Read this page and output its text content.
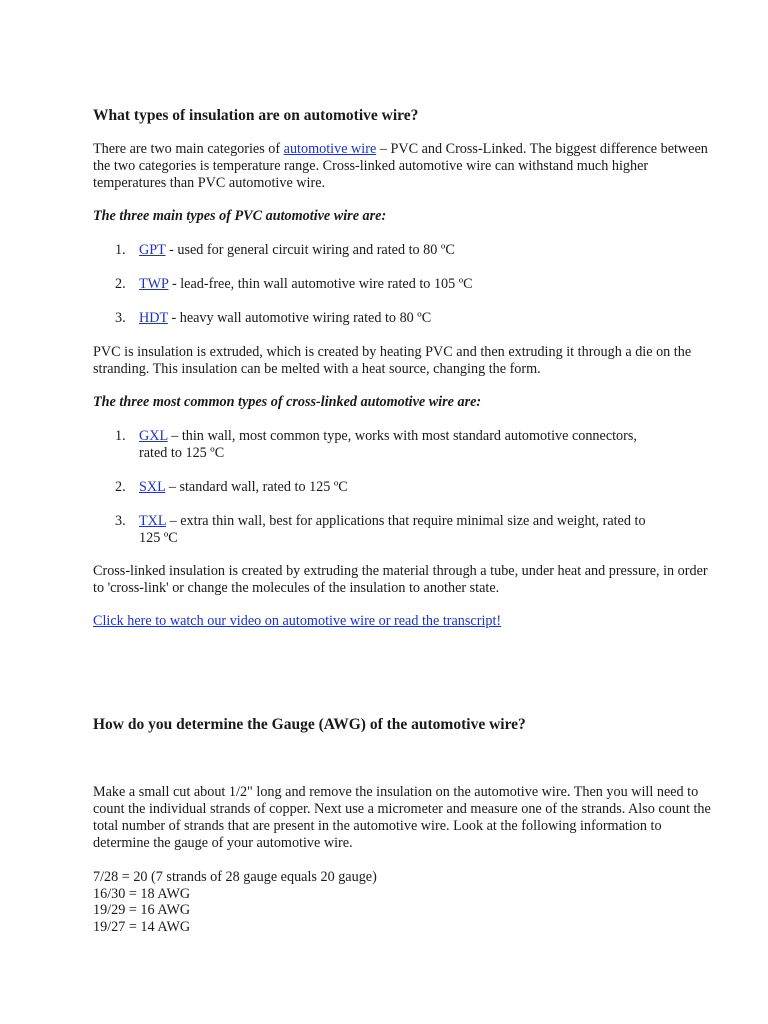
What types of insulation are on automotive wire?

There are two main categories of automotive wire – PVC and Cross-Linked. The biggest difference between the two categories is temperature range. Cross-linked automotive wire can withstand much higher temperatures than PVC automotive wire.

The three main types of PVC automotive wire are:

1. GPT - used for general circuit wiring and rated to 80 ºC
2. TWP - lead-free, thin wall automotive wire rated to 105 ºC
3. HDT - heavy wall automotive wiring rated to 80 ºC

PVC is insulation is extruded, which is created by heating PVC and then extruding it through a die on the stranding. This insulation can be melted with a heat source, changing the form.

The three most common types of cross-linked automotive wire are:

1. GXL – thin wall, most common type, works with most standard automotive connectors, rated to 125 ºC
2. SXL – standard wall, rated to 125 ºC
3. TXL – extra thin wall, best for applications that require minimal size and weight, rated to 125 ºC

Cross-linked insulation is created by extruding the material through a tube, under heat and pressure, in order to 'cross-link' or change the molecules of the insulation to another state.

Click here to watch our video on automotive wire or read the transcript!

How do you determine the Gauge (AWG) of the automotive wire?

Make a small cut about 1/2" long and remove the insulation on the automotive wire. Then you will need to count the individual strands of copper. Next use a micrometer and measure one of the strands. Also count the total number of strands that are present in the automotive wire. Look at the following information to determine the gauge of your automotive wire.

7/28 = 20 (7 strands of 28 gauge equals 20 gauge)
16/30 = 18 AWG
19/29 = 16 AWG
19/27 = 14 AWG
